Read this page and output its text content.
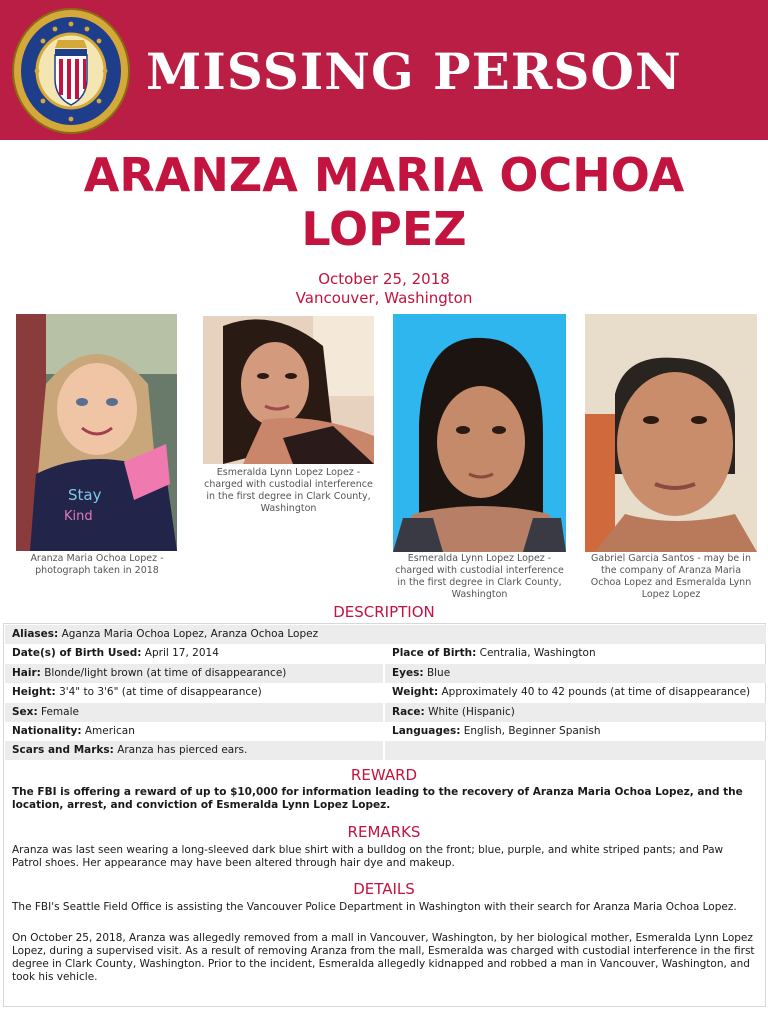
MISSING PERSON
ARANZA MARIA OCHOA LOPEZ
October 25, 2018
Vancouver, Washington
Stay
Kind
Aranza Maria Ochoa Lopez - photograph taken in 2018
Esmeralda Lynn Lopez Lopez - charged with custodial interference in the first degree in Clark County, Washington
Esmeralda Lynn Lopez Lopez - charged with custodial interference in the first degree in Clark County, Washington
Gabriel Garcia Santos - may be in the company of Aranza Maria Ochoa Lopez and Esmeralda Lynn Lopez Lopez
DESCRIPTION
Aliases: Aganza Maria Ochoa Lopez, Aranza Ochoa Lopez
Date(s) of Birth Used: April 17, 2014	Place of Birth: Centralia, Washington
Hair: Blonde/light brown (at time of disappearance)	Eyes: Blue
Height: 3'4" to 3'6" (at time of disappearance)	Weight: Approximately 40 to 42 pounds (at time of disappearance)
Sex: Female	Race: White (Hispanic)
Nationality: American	Languages: English, Beginner Spanish
Scars and Marks: Aranza has pierced ears.
REWARD
The FBI is offering a reward of up to $10,000 for information leading to the recovery of Aranza Maria Ochoa Lopez, and the location, arrest, and conviction of Esmeralda Lynn Lopez Lopez.
REMARKS
Aranza was last seen wearing a long-sleeved dark blue shirt with a bulldog on the front; blue, purple, and white striped pants; and Paw Patrol shoes. Her appearance may have been altered through hair dye and makeup.
DETAILS
The FBI's Seattle Field Office is assisting the Vancouver Police Department in Washington with their search for Aranza Maria Ochoa Lopez.
On October 25, 2018, Aranza was allegedly removed from a mall in Vancouver, Washington, by her biological mother, Esmeralda Lynn Lopez Lopez, during a supervised visit. As a result of removing Aranza from the mall, Esmeralda was charged with custodial interference in the first degree in Clark County, Washington. Prior to the incident, Esmeralda allegedly kidnapped and robbed a man in Vancouver, Washington, and took his vehicle.
